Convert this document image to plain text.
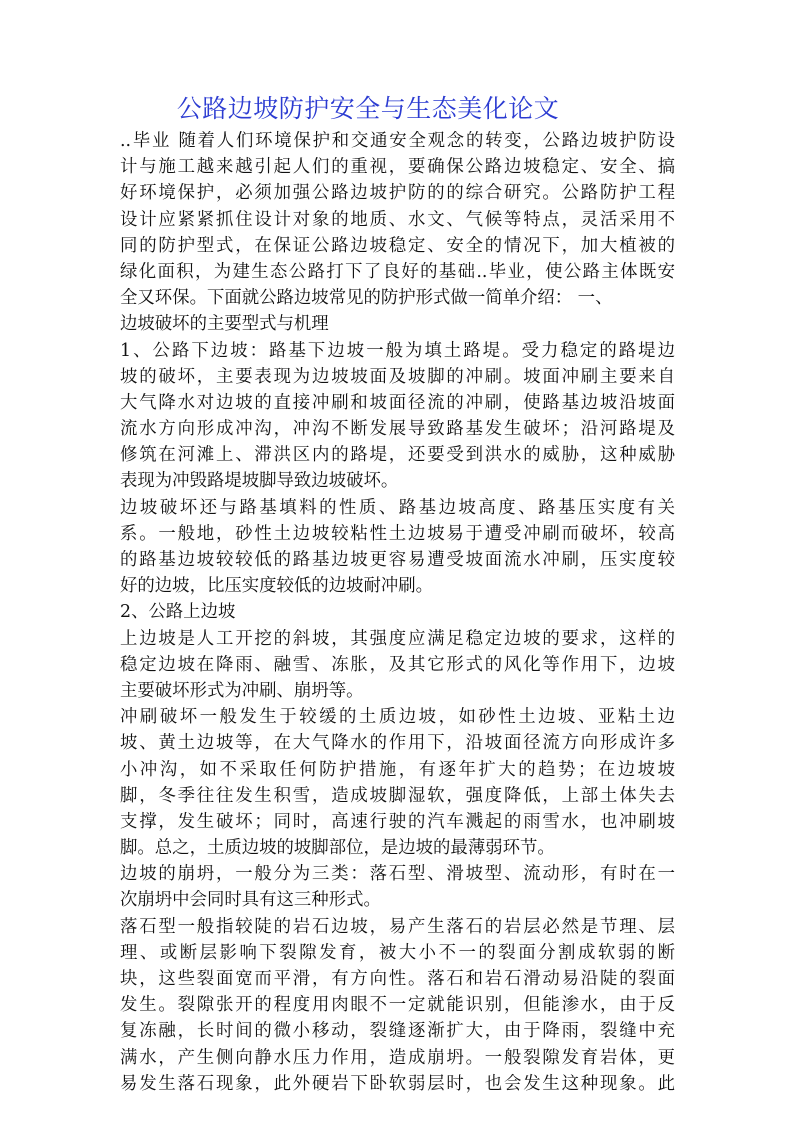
公路边坡防护安全与生态美化论文
..毕业 随着人们环境保护和交通安全观念的转变，公路边坡护防设
计与施工越来越引起人们的重视，要确保公路边坡稳定、安全、搞
好环境保护，必须加强公路边坡护防的的综合研究。公路防护工程
设计应紧紧抓住设计对象的地质、水文、气候等特点，灵活采用不
同的防护型式，在保证公路边坡稳定、安全的情况下，加大植被的
绿化面积，为建生态公路打下了良好的基础..毕业，使公路主体既安
全又环保。下面就公路边坡常见的防护形式做一简单介绍： 一、
边坡破坏的主要型式与机理
1、公路下边坡：路基下边坡一般为填土路堤。受力稳定的路堤边
坡的破坏，主要表现为边坡坡面及坡脚的冲刷。坡面冲刷主要来自
大气降水对边坡的直接冲刷和坡面径流的冲刷，使路基边坡沿坡面
流水方向形成冲沟，冲沟不断发展导致路基发生破坏；沿河路堤及
修筑在河滩上、滞洪区内的路堤，还要受到洪水的威胁，这种威胁
表现为冲毁路堤坡脚导致边坡破坏。
边坡破坏还与路基填料的性质、路基边坡高度、路基压实度有关
系。一般地，砂性土边坡较粘性土边坡易于遭受冲刷而破坏，较高
的路基边坡较较低的路基边坡更容易遭受坡面流水冲刷，压实度较
好的边坡，比压实度较低的边坡耐冲刷。
2、公路上边坡
上边坡是人工开挖的斜坡，其强度应满足稳定边坡的要求，这样的
稳定边坡在降雨、融雪、冻胀，及其它形式的风化等作用下，边坡
主要破坏形式为冲刷、崩坍等。
冲刷破坏一般发生于较缓的土质边坡，如砂性土边坡、亚粘土边
坡、黄土边坡等，在大气降水的作用下，沿坡面径流方向形成许多
小冲沟，如不采取任何防护措施，有逐年扩大的趋势；在边坡坡
脚，冬季往往发生积雪，造成坡脚湿软，强度降低，上部土体失去
支撑，发生破坏；同时，高速行驶的汽车溅起的雨雪水，也冲刷坡
脚。总之，土质边坡的坡脚部位，是边坡的最薄弱环节。
边坡的崩坍，一般分为三类：落石型、滑坡型、流动形，有时在一
次崩坍中会同时具有这三种形式。
落石型一般指较陡的岩石边坡，易产生落石的岩层必然是节理、层
理、或断层影响下裂隙发育，被大小不一的裂面分割成软弱的断
块，这些裂面宽而平滑，有方向性。落石和岩石滑动易沿陡的裂面
发生。裂隙张开的程度用肉眼不一定就能识别，但能渗水，由于反
复冻融，长时间的微小移动，裂缝逐渐扩大，由于降雨，裂缝中充
满水，产生侧向静水压力作用，造成崩坍。一般裂隙发育岩体，更
易发生落石现象，此外硬岩下卧软弱层时，也会发生这种现象。此
